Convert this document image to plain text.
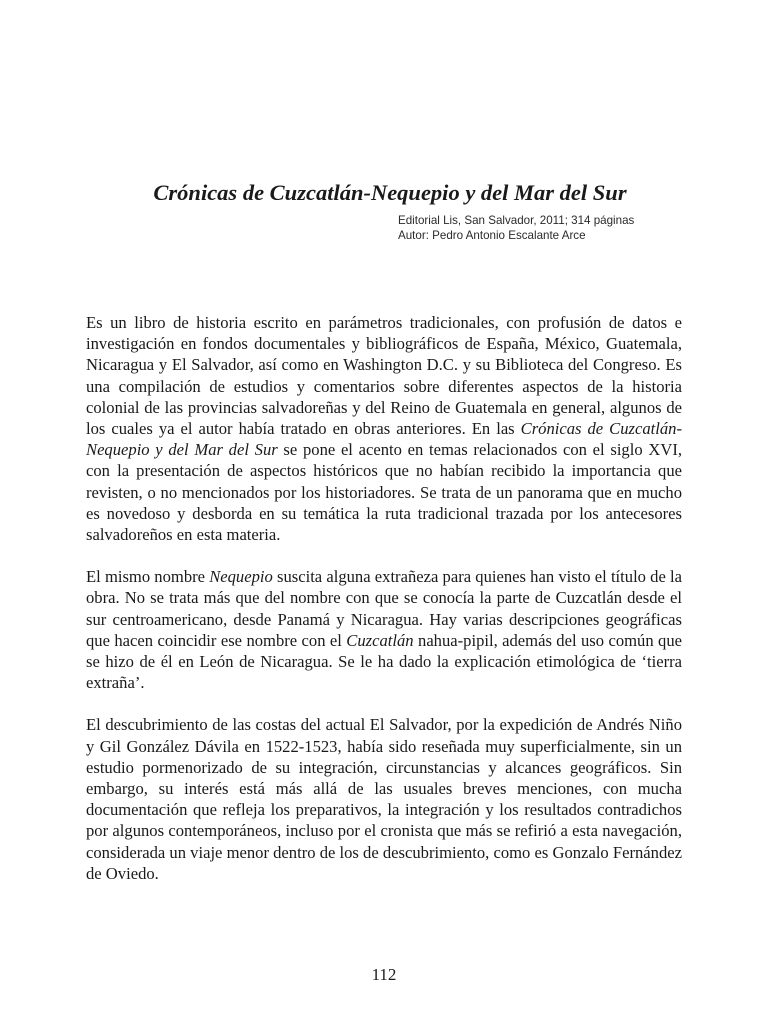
Crónicas de Cuzcatlán-Nequepio y del Mar del Sur
Editorial Lis, San Salvador, 2011; 314 páginas
Autor: Pedro Antonio Escalante Arce

Es un libro de historia escrito en parámetros tradicionales, con profusión de datos e investigación en fondos documentales y bibliográficos de España, México, Guatemala, Nicaragua y El Salvador, así como en Washington D.C. y su Biblioteca del Congreso. Es una compilación de estudios y comentarios sobre diferentes aspectos de la historia colonial de las provincias salvadoreñas y del Reino de Guatemala en general, algunos de los cuales ya el autor había tratado en obras anteriores. En las Crónicas de Cuzcatlán-Nequepio y del Mar del Sur se pone el acento en temas relacionados con el siglo XVI, con la presentación de aspectos históricos que no habían recibido la importancia que revisten, o no mencionados por los historiadores. Se trata de un panorama que en mucho es novedoso y desborda en su temática la ruta tradicional trazada por los antecesores salvadoreños en esta materia.

El mismo nombre Nequepio suscita alguna extrañeza para quienes han visto el título de la obra. No se trata más que del nombre con que se conocía la parte de Cuzcatlán desde el sur centroamericano, desde Panamá y Nicaragua. Hay varias descripciones geográficas que hacen coincidir ese nombre con el Cuzcatlán nahua-pipil, además del uso común que se hizo de él en León de Nicaragua. Se le ha dado la explicación etimológica de ‘tierra extraña’.

El descubrimiento de las costas del actual El Salvador, por la expedición de Andrés Niño y Gil González Dávila en 1522-1523, había sido reseñada muy superficialmente, sin un estudio pormenorizado de su integración, circunstancias y alcances geográficos. Sin embargo, su interés está más allá de las usuales breves menciones, con mucha documentación que refleja los preparativos, la integración y los resultados contradichos por algunos contemporáneos, incluso por el cronista que más se refirió a esta navegación, considerada un viaje menor dentro de los de descubrimiento, como es Gonzalo Fernández de Oviedo.

112
